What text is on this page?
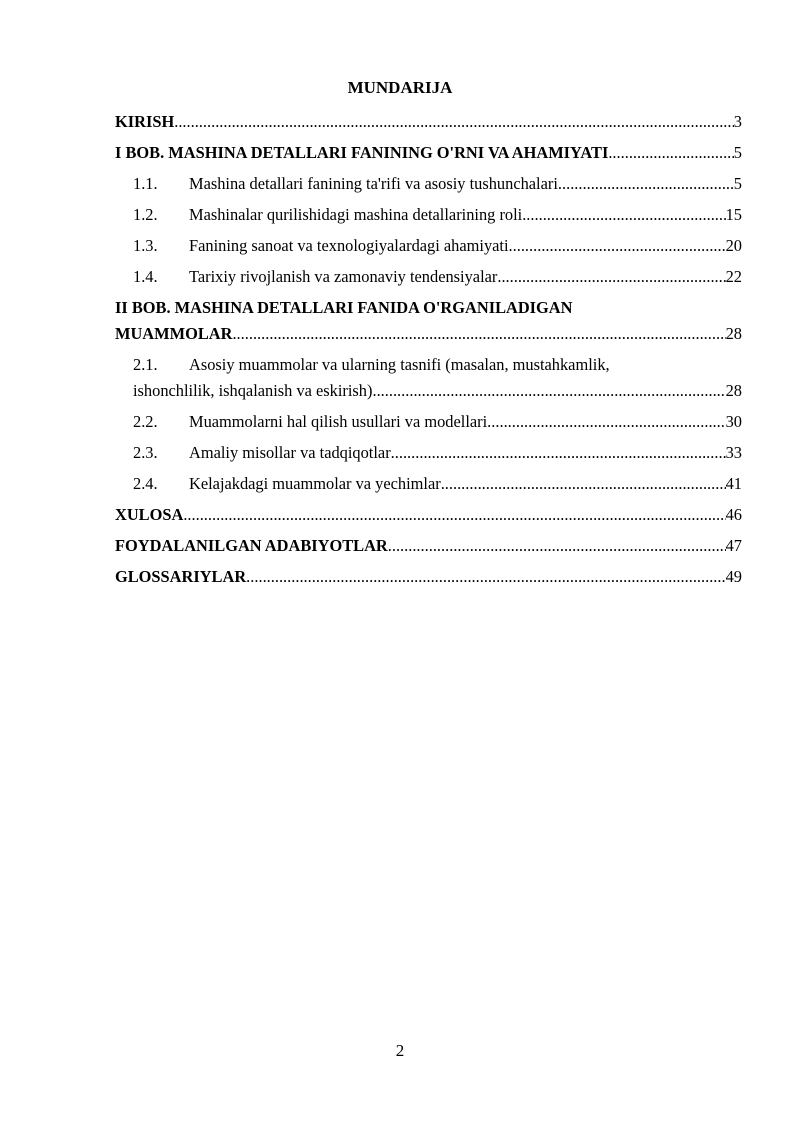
MUNDARIJA
KIRISH .....	3
I BOB. MASHINA DETALLARI FANINING O'RNI VA AHAMIYATI .....	5
1.1.	Mashina detallari fanining ta'rifi va asosiy tushunchalari .....	5
1.2.	Mashinalar qurilishidagi mashina detallarining roli .....	15
1.3.	Fanining sanoat va texnologiyalardagi ahamiyati .....	20
1.4.	Tarixiy rivojlanish va zamonaviy tendensiyalar .....	22
II BOB. MASHINA DETALLARI FANIDA O'RGANILADIGAN
MUAMMOLAR .....	28
2.1. Asosiy muammolar va ularning tasnifi (masalan, mustahkamlik,
ishonchlilik, ishqalanish va eskirish) .....	28
2.2.	Muammolarni hal qilish usullari va modellari .....	30
2.3.	Amaliy misollar va tadqiqotlar .....	33
2.4.	Kelajakdagi muammolar va yechimlar .....	41
XULOSA .....	46
FOYDALANILGAN ADABIYOTLAR .....	47
GLOSSARIYLAR .....	49
2
